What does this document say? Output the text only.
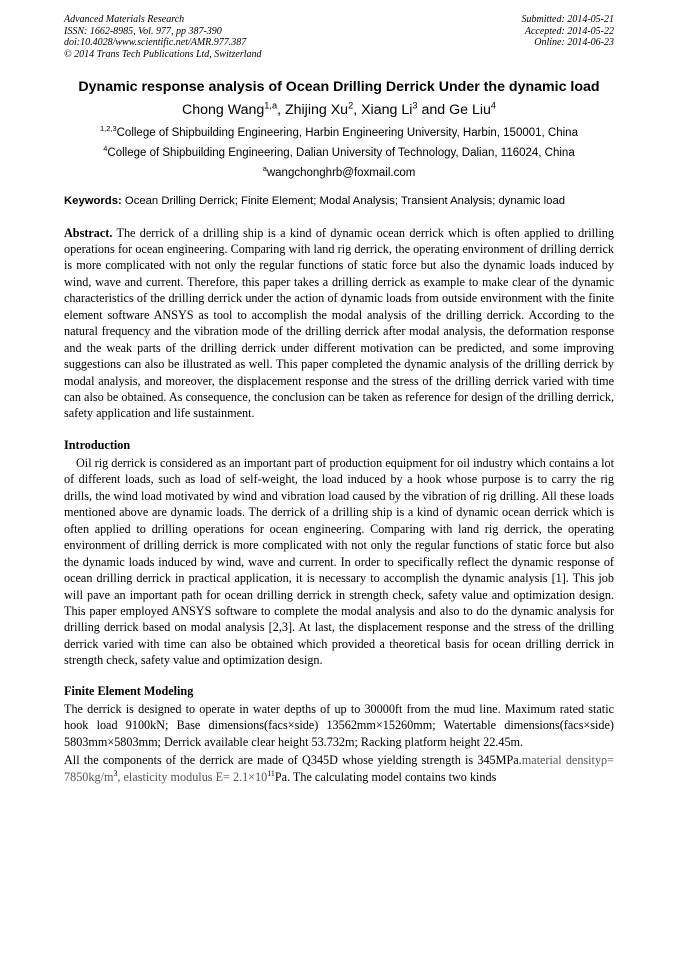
Advanced Materials Research
ISSN: 1662-8985, Vol. 977, pp 387-390
doi:10.4028/www.scientific.net/AMR.977.387
© 2014 Trans Tech Publications Ltd, Switzerland
Submitted: 2014-05-21
Accepted: 2014-05-22
Online: 2014-06-23
Dynamic response analysis of Ocean Drilling Derrick Under the dynamic load
Chong Wang$^{1,a}$, Zhijing Xu$^2$, Xiang Li$^3$ and Ge Liu$^4$
$^{1,2,3}$College of Shipbuilding Engineering, Harbin Engineering University, Harbin, 150001, China
$^4$College of Shipbuilding Engineering, Dalian University of Technology, Dalian, 116024, China
$^a$wangchonghrb@foxmail.com
Keywords: Ocean Drilling Derrick; Finite Element; Modal Analysis; Transient Analysis; dynamic load

Abstract. The derrick of a drilling ship is a kind of dynamic ocean derrick which is often applied to drilling operations for ocean engineering. Comparing with land rig derrick, the operating environment of drilling derrick is more complicated with not only the regular functions of static force but also the dynamic loads induced by wind, wave and current. Therefore, this paper takes a drilling derrick as example to make clear of the dynamic characteristics of the drilling derrick under the action of dynamic loads from outside environment with the finite element software ANSYS as tool to accomplish the modal analysis of the drilling derrick. According to the natural frequency and the vibration mode of the drilling derrick after modal analysis, the deformation response and the weak parts of the drilling derrick under different motivation can be predicted, and some improving suggestions can also be illustrated as well. This paper completed the dynamic analysis of the drilling derrick by modal analysis, and moreover, the displacement response and the stress of the drilling derrick varied with time can also be obtained. As consequence, the conclusion can be taken as reference for design of the drilling derrick, safety application and life sustainment.

Introduction

Oil rig derrick is considered as an important part of production equipment for oil industry which contains a lot of different loads, such as load of self-weight, the load induced by a hook whose purpose is to carry the rig drills, the wind load motivated by wind and vibration load caused by the vibration of rig drilling. All these loads mentioned above are dynamic loads. The derrick of a drilling ship is a kind of dynamic ocean derrick which is often applied to drilling operations for ocean engineering. Comparing with land rig derrick, the operating environment of drilling derrick is more complicated with not only the regular functions of static force but also the dynamic loads induced by wind, wave and current. In order to specifically reflect the dynamic response of ocean drilling derrick in practical application, it is necessary to accomplish the dynamic analysis [1]. This job will pave an important path for ocean drilling derrick in strength check, safety value and optimization design. This paper employed ANSYS software to complete the modal analysis and also to do the dynamic analysis for drilling derrick based on modal analysis [2,3]. At last, the displacement response and the stress of the drilling derrick varied with time can also be obtained which provided a theoretical basis for ocean drilling derrick in strength check, safety value and optimization design.

Finite Element Modeling

The derrick is designed to operate in water depths of up to 30000ft from the mud line. Maximum rated static hook load 9100kN; Base dimensions(facs×side) 13562mm×15260mm; Watertable dimensions(facs×side) 5803mm×5803mm; Derrick available clear height 53.732m; Racking platform height 22.45m.

All the components of the derrick are made of Q345D whose yielding strength is 345MPa.material densityρ= $7850kg/m^3$, elasticity modulus $E= 2.1\times 10^{11}Pa$. The calculating model contains two kinds
